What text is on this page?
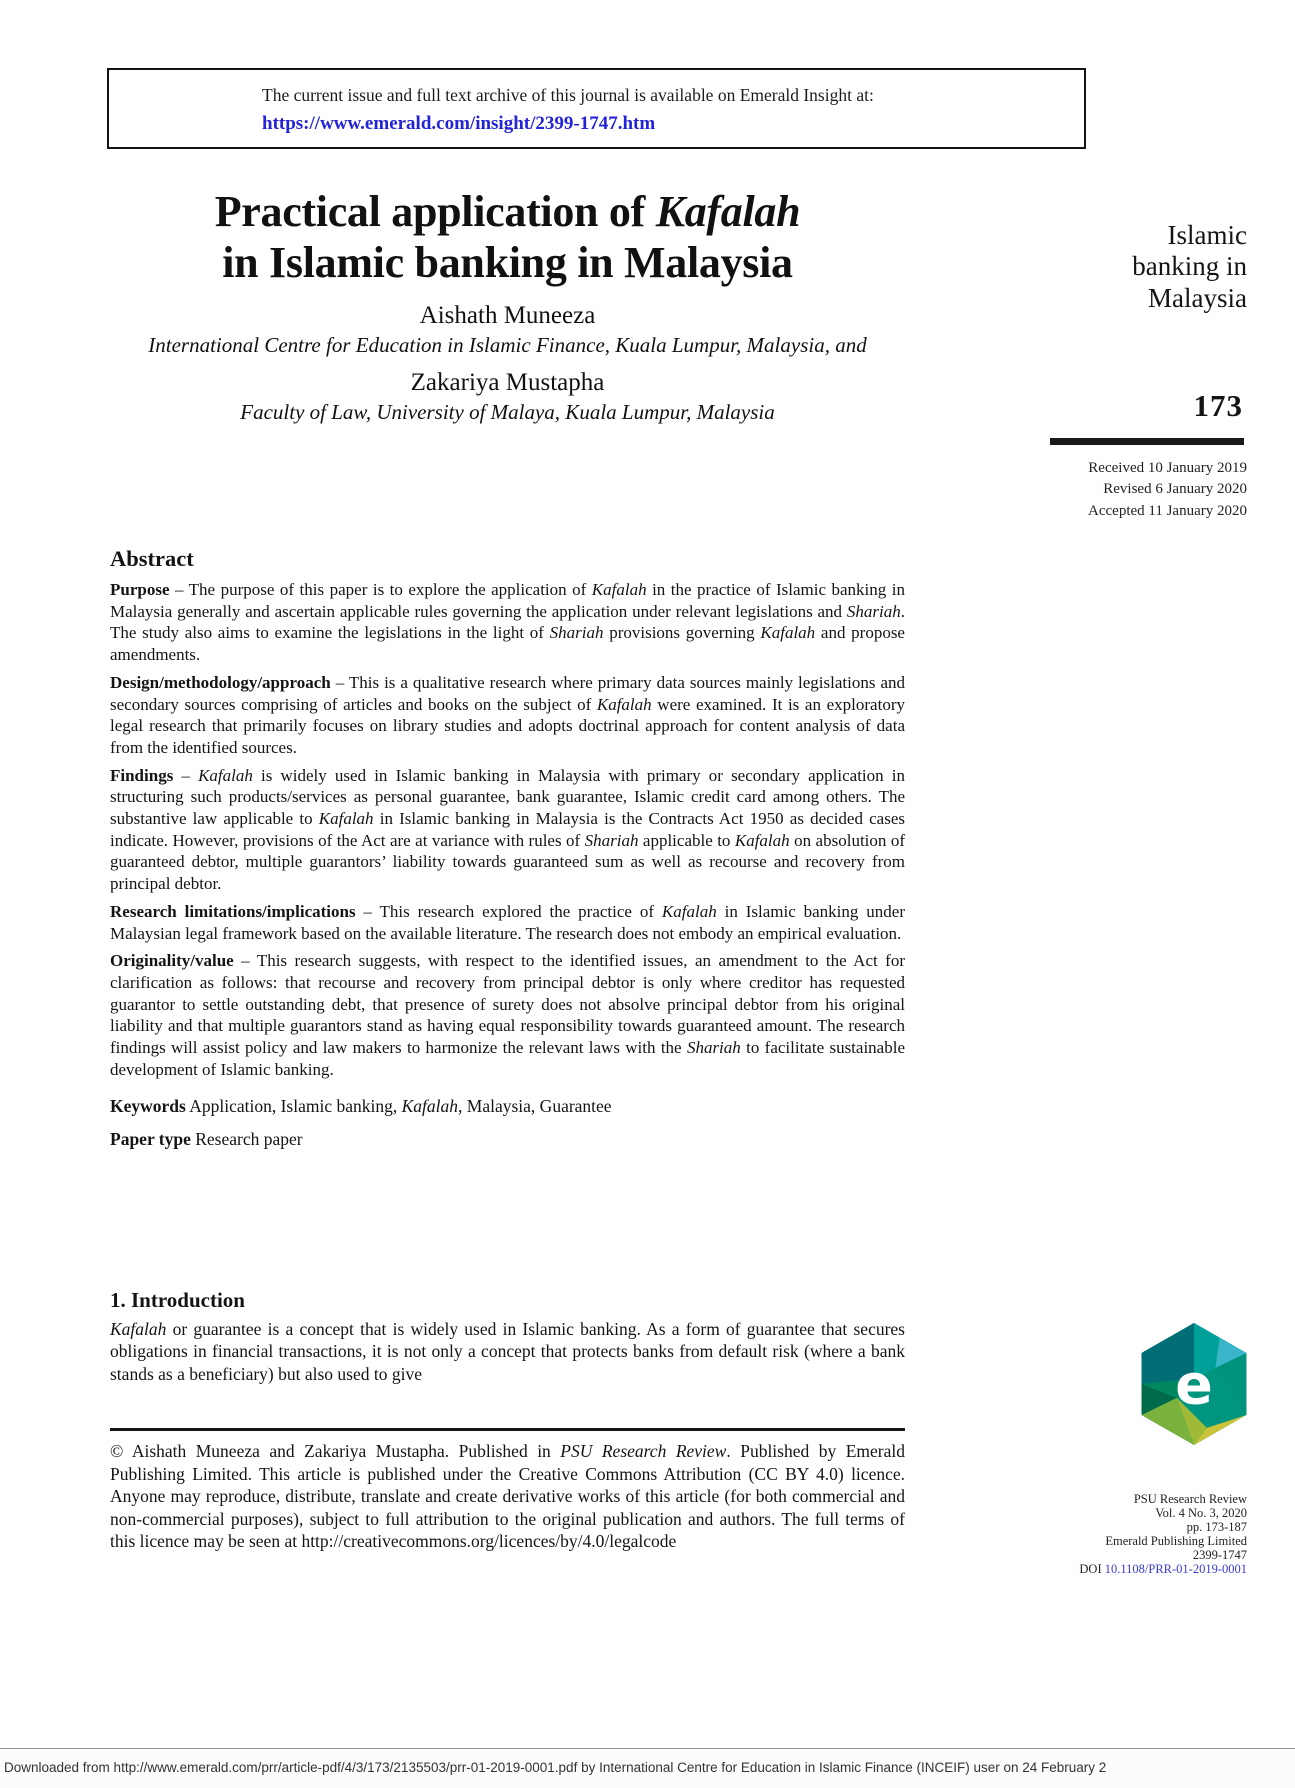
The current issue and full text archive of this journal is available on Emerald Insight at:
https://www.emerald.com/insight/2399-1747.htm
Practical application of Kafalah
in Islamic banking in Malaysia
Aishath Muneeza
International Centre for Education in Islamic Finance, Kuala Lumpur, Malaysia, and
Zakariya Mustapha
Faculty of Law, University of Malaya, Kuala Lumpur, Malaysia
Islamic
banking in
Malaysia
173
Received 10 January 2019
Revised 6 January 2020
Accepted 11 January 2020
Abstract

Purpose – The purpose of this paper is to explore the application of Kafalah in the practice of Islamic banking in Malaysia generally and ascertain applicable rules governing the application under relevant legislations and Shariah. The study also aims to examine the legislations in the light of Shariah provisions governing Kafalah and propose amendments.

Design/methodology/approach – This is a qualitative research where primary data sources mainly legislations and secondary sources comprising of articles and books on the subject of Kafalah were examined. It is an exploratory legal research that primarily focuses on library studies and adopts doctrinal approach for content analysis of data from the identified sources.

Findings – Kafalah is widely used in Islamic banking in Malaysia with primary or secondary application in structuring such products/services as personal guarantee, bank guarantee, Islamic credit card among others. The substantive law applicable to Kafalah in Islamic banking in Malaysia is the Contracts Act 1950 as decided cases indicate. However, provisions of the Act are at variance with rules of Shariah applicable to Kafalah on absolution of guaranteed debtor, multiple guarantors’ liability towards guaranteed sum as well as recourse and recovery from principal debtor.

Research limitations/implications – This research explored the practice of Kafalah in Islamic banking under Malaysian legal framework based on the available literature. The research does not embody an empirical evaluation.

Originality/value – This research suggests, with respect to the identified issues, an amendment to the Act for clarification as follows: that recourse and recovery from principal debtor is only where creditor has requested guarantor to settle outstanding debt, that presence of surety does not absolve principal debtor from his original liability and that multiple guarantors stand as having equal responsibility towards guaranteed amount. The research findings will assist policy and law makers to harmonize the relevant laws with the Shariah to facilitate sustainable development of Islamic banking.

Keywords Application, Islamic banking, Kafalah, Malaysia, Guarantee
Paper type Research paper
1. Introduction

Kafalah or guarantee is a concept that is widely used in Islamic banking. As a form of guarantee that secures obligations in financial transactions, it is not only a concept that protects banks from default risk (where a bank stands as a beneficiary) but also used to give

© Aishath Muneeza and Zakariya Mustapha. Published in PSU Research Review. Published by Emerald Publishing Limited. This article is published under the Creative Commons Attribution (CC BY 4.0) licence. Anyone may reproduce, distribute, translate and create derivative works of this article (for both commercial and non-commercial purposes), subject to full attribution to the original publication and authors. The full terms of this licence may be seen at http://creativecommons.org/licences/by/4.0/legalcode

e
PSU Research Review
Vol. 4 No. 3, 2020
pp. 173-187
Emerald Publishing Limited
2399-1747
DOI 10.1108/PRR-01-2019-0001
Downloaded from http://www.emerald.com/prr/article-pdf/4/3/173/2135503/prr-01-2019-0001.pdf by International Centre for Education in Islamic Finance (INCEIF) user on 24 February 2
